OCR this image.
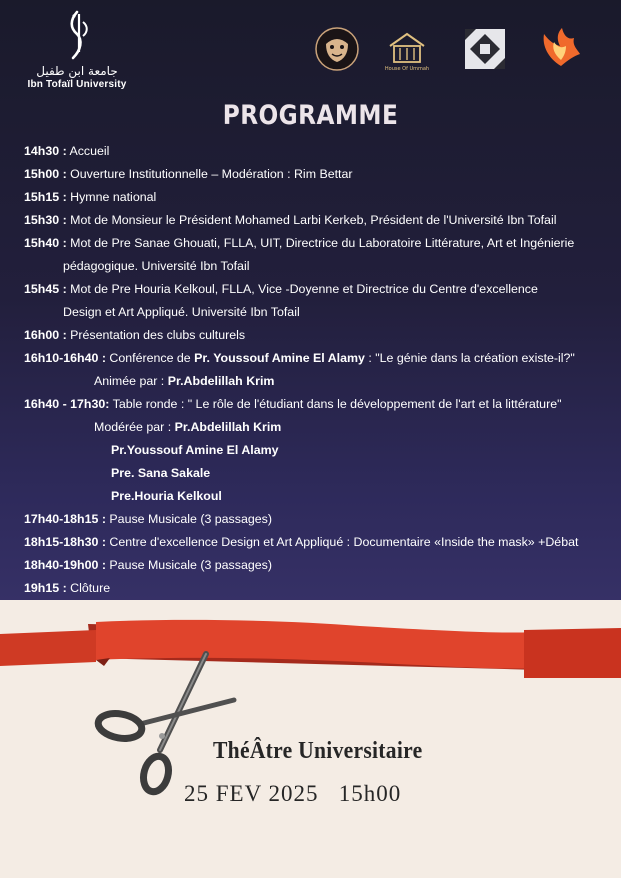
جامعة ابن طفيل
Ibn Tofaïl University
House Of Ummah
PROGRAMME
14h30 : Accueil
15h00 : Ouverture Institutionnelle – Modération : Rim Bettar
15h15 : Hymne national
15h30 : Mot de Monsieur le Président Mohamed Larbi Kerkeb, Président de l'Université Ibn Tofail
15h40 : Mot de Pre Sanae Ghouati, FLLA, UIT, Directrice du Laboratoire Littérature, Art et Ingénierie
pédagogique. Université Ibn Tofail
15h45 : Mot de Pre Houria Kelkoul, FLLA, Vice -Doyenne et Directrice du Centre d'excellence
Design et Art Appliqué. Université Ibn Tofail
16h00 : Présentation des clubs culturels
16h10-16h40 : Conférence de Pr. Youssouf Amine El Alamy : "Le génie dans la création existe-il?"
Animée par : Pr.Abdelillah Krim
16h40 - 17h30: Table ronde : " Le rôle de l'étudiant dans le développement de l'art et la littérature"
Modérée par : Pr.Abdelillah Krim
Pr.Youssouf Amine El Alamy
Pre. Sana Sakale
Pre.Houria Kelkoul
17h40-18h15 : Pause Musicale (3 passages)
18h15-18h30 : Centre d'excellence Design et Art Appliqué : Documentaire «Inside the mask» +Débat
18h40-19h00 : Pause Musicale (3 passages)
19h15 : Clôture
ThéÂtre Universitaire
25 FEV 2025 15h00
